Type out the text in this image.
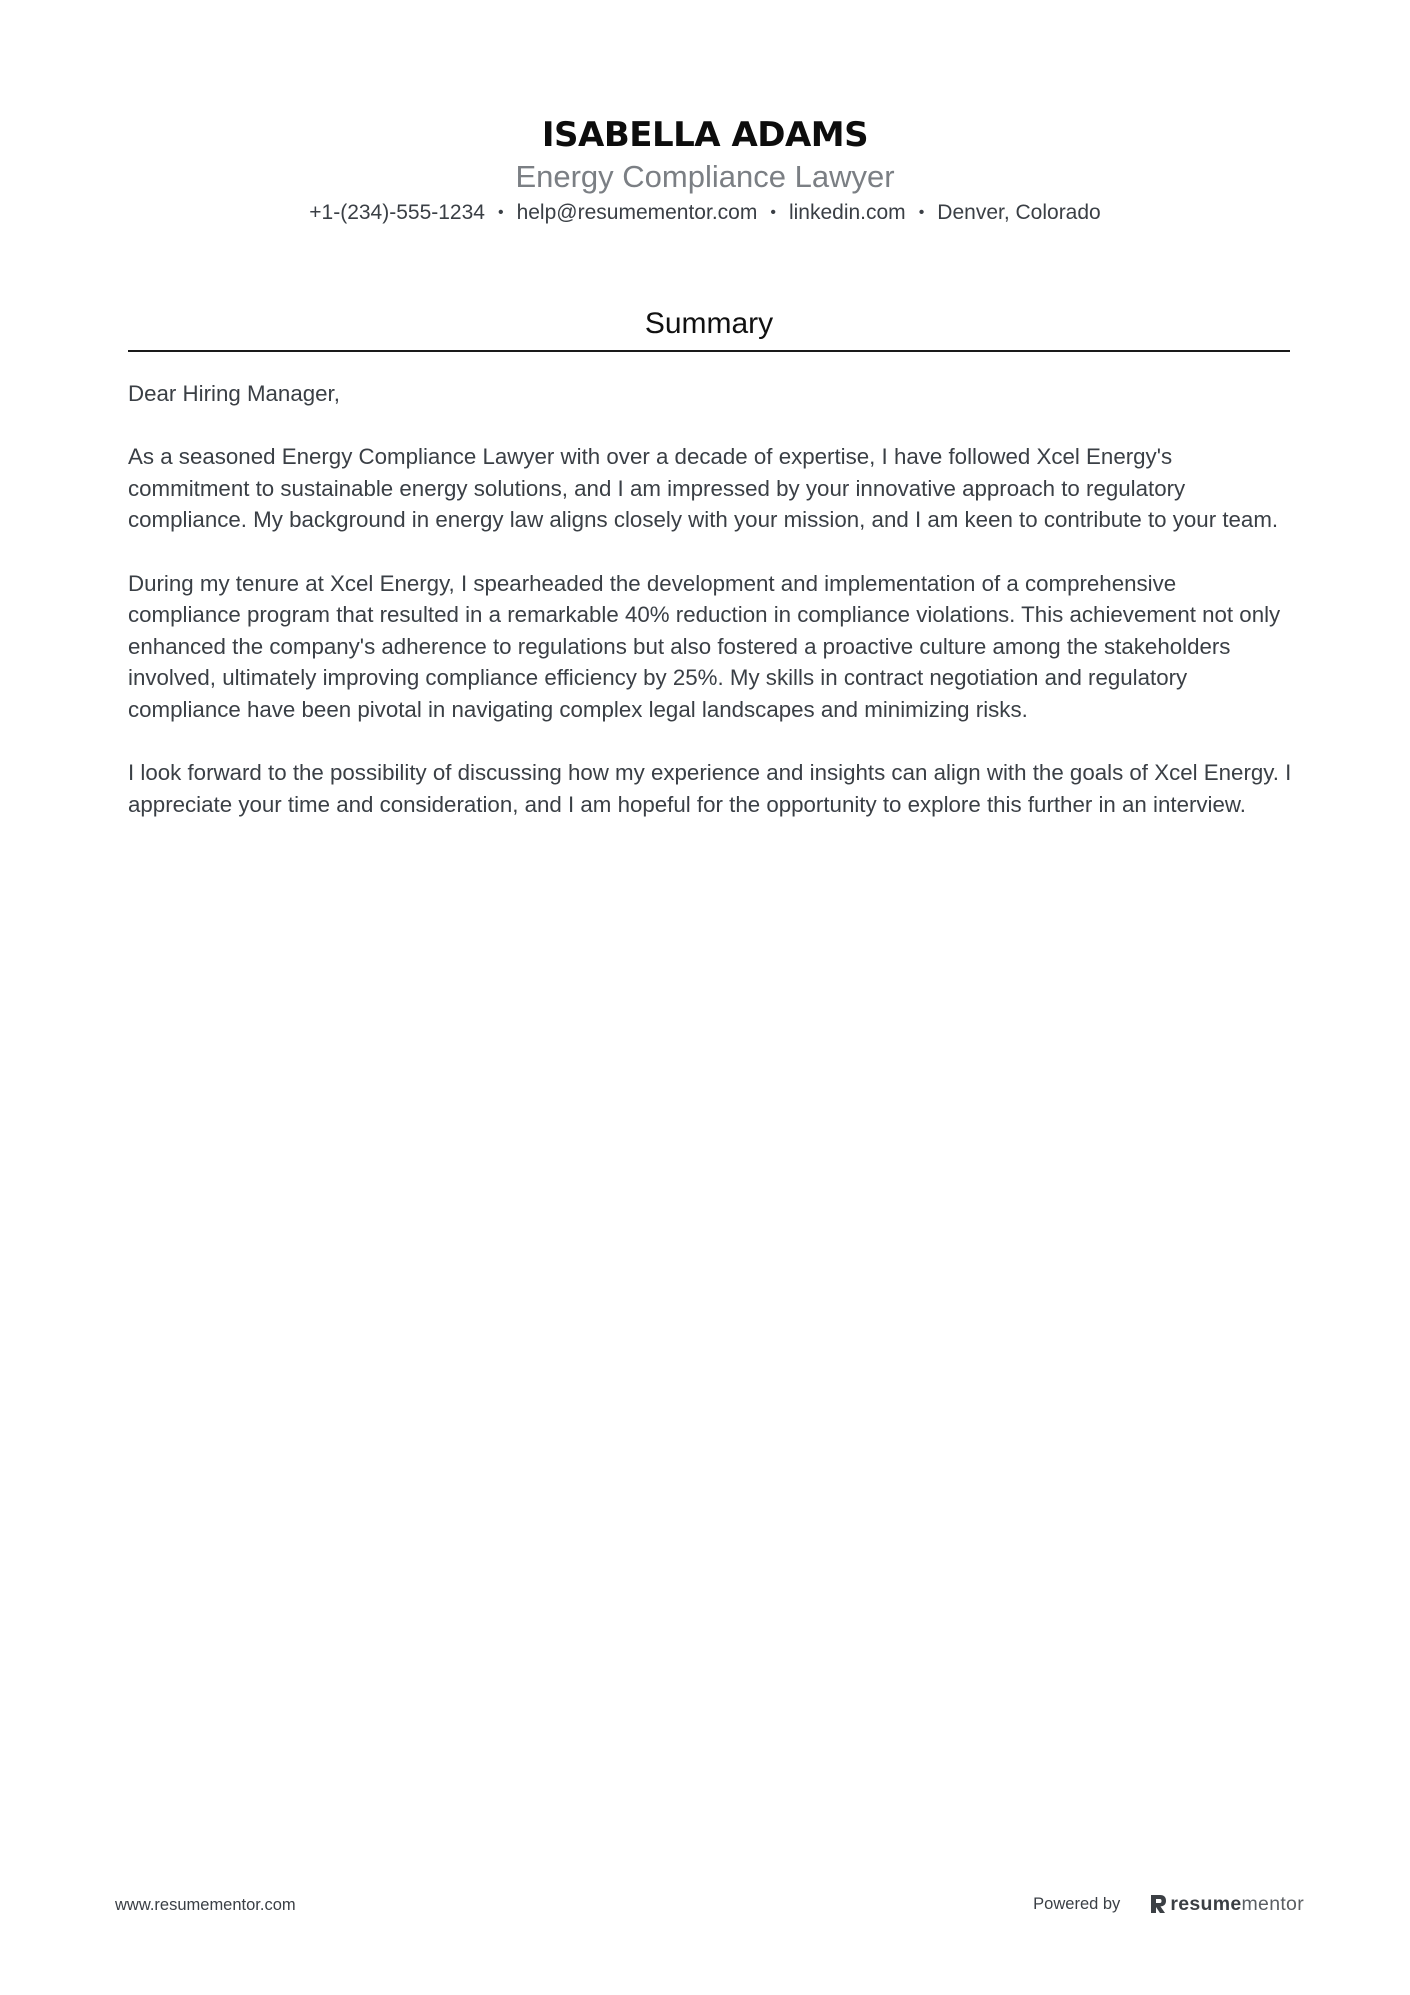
ISABELLA ADAMS
Energy Compliance Lawyer
+1-(234)-555-1234 • help@resumementor.com • linkedin.com • Denver, Colorado
Summary

Dear Hiring Manager,

As a seasoned Energy Compliance Lawyer with over a decade of expertise, I have followed Xcel Energy's commitment to sustainable energy solutions, and I am impressed by your innovative approach to regulatory compliance. My background in energy law aligns closely with your mission, and I am keen to contribute to your team.

During my tenure at Xcel Energy, I spearheaded the development and implementation of a comprehensive compliance program that resulted in a remarkable 40% reduction in compliance violations. This achievement not only enhanced the company's adherence to regulations but also fostered a proactive culture among the stakeholders involved, ultimately improving compliance efficiency by 25%. My skills in contract negotiation and regulatory compliance have been pivotal in navigating complex legal landscapes and minimizing risks.

I look forward to the possibility of discussing how my experience and insights can align with the goals of Xcel Energy. I appreciate your time and consideration, and I am hopeful for the opportunity to explore this further in an interview.

www.resumementor.com	Powered by	resumementor
